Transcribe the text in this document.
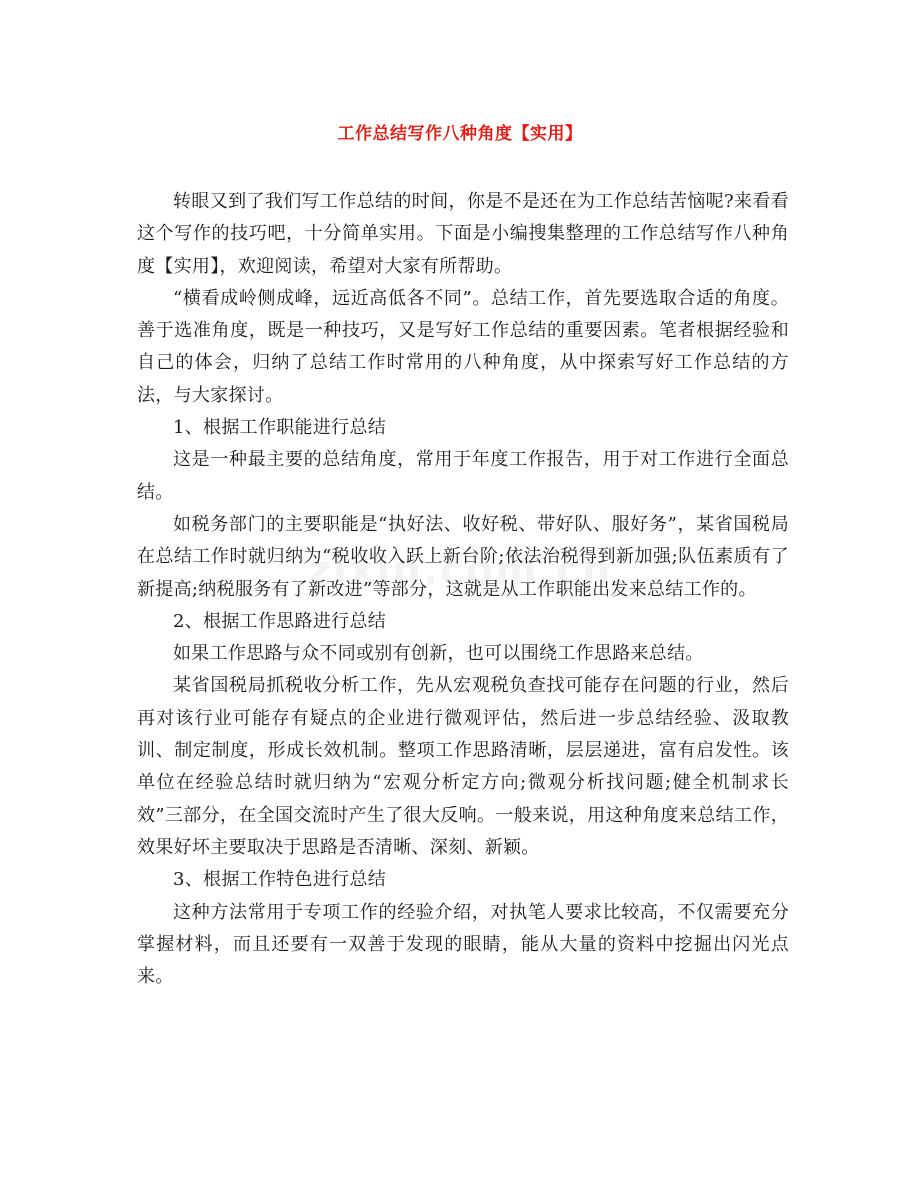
工作总结写作八种角度【实用】

转眼又到了我们写工作总结的时间，你是不是还在为工作总结苦恼呢?来看看这个写作的技巧吧，十分简单实用。下面是小编搜集整理的工作总结写作八种角度【实用】，欢迎阅读，希望对大家有所帮助。

“横看成岭侧成峰，远近高低各不同”。总结工作，首先要选取合适的角度。善于选准角度，既是一种技巧，又是写好工作总结的重要因素。笔者根据经验和自己的体会，归纳了总结工作时常用的八种角度，从中探索写好工作总结的方法，与大家探讨。

1、根据工作职能进行总结

这是一种最主要的总结角度，常用于年度工作报告，用于对工作进行全面总结。

如税务部门的主要职能是“执好法、收好税、带好队、服好务”，某省国税局在总结工作时就归纳为“税收收入跃上新台阶;依法治税得到新加强;队伍素质有了新提高;纳税服务有了新改进”等部分，这就是从工作职能出发来总结工作的。

2、根据工作思路进行总结

如果工作思路与众不同或别有创新，也可以围绕工作思路来总结。

某省国税局抓税收分析工作，先从宏观税负查找可能存在问题的行业，然后再对该行业可能存有疑点的企业进行微观评估，然后进一步总结经验、汲取教训、制定制度，形成长效机制。整项工作思路清晰，层层递进，富有启发性。该单位在经验总结时就归纳为“宏观分析定方向;微观分析找问题;健全机制求长效”三部分，在全国交流时产生了很大反响。一般来说，用这种角度来总结工作，效果好坏主要取决于思路是否清晰、深刻、新颖。

3、根据工作特色进行总结

这种方法常用于专项工作的经验介绍，对执笔人要求比较高，不仅需要充分掌握材料，而且还要有一双善于发现的眼睛，能从大量的资料中挖掘出闪光点来。
